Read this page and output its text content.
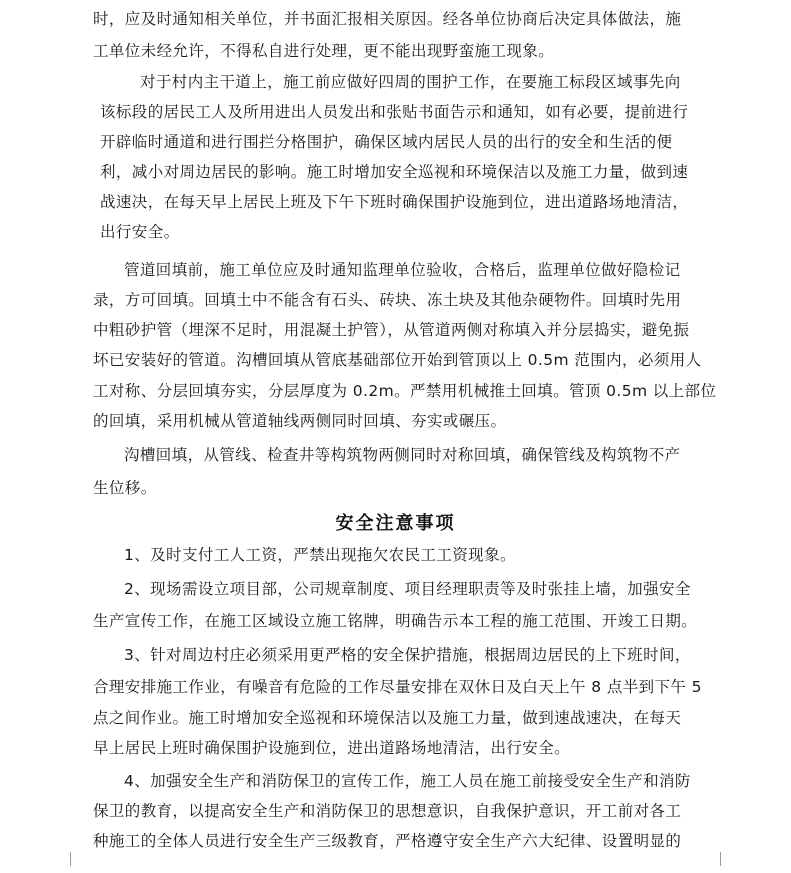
时，应及时通知相关单位，并书面汇报相关原因。经各单位协商后决定具体做法，施
工单位未经允许，不得私自进行处理，更不能出现野蛮施工现象。
对于村内主干道上，施工前应做好四周的围护工作，在要施工标段区域事先向
该标段的居民工人及所用进出人员发出和张贴书面告示和通知，如有必要，提前进行
开辟临时通道和进行围拦分格围护，确保区域内居民人员的出行的安全和生活的便
利，减小对周边居民的影响。施工时增加安全巡视和环境保洁以及施工力量，做到速
战速决，在每天早上居民上班及下午下班时确保围护设施到位，进出道路场地清洁，
出行安全。
管道回填前，施工单位应及时通知监理单位验收，合格后，监理单位做好隐检记
录，方可回填。回填土中不能含有石头、砖块、冻土块及其他杂硬物件。回填时先用
中粗砂护管（埋深不足时，用混凝土护管），从管道两侧对称填入并分层捣实，避免振
坏已安装好的管道。沟槽回填从管底基础部位开始到管顶以上 0.5m 范围内，必须用人
工对称、分层回填夯实，分层厚度为 0.2m。严禁用机械推土回填。管顶 0.5m 以上部位
的回填，采用机械从管道轴线两侧同时回填、夯实或碾压。
沟槽回填，从管线、检查井等构筑物两侧同时对称回填，确保管线及构筑物不产
生位移。
安全注意事项
1、及时支付工人工资，严禁出现拖欠农民工工资现象。
2、现场需设立项目部，公司规章制度、项目经理职责等及时张挂上墙，加强安全
生产宣传工作，在施工区域设立施工铭牌，明确告示本工程的施工范围、开竣工日期。
3、针对周边村庄必须采用更严格的安全保护措施，根据周边居民的上下班时间，
合理安排施工作业，有噪音有危险的工作尽量安排在双休日及白天上午 8 点半到下午 5
点之间作业。施工时增加安全巡视和环境保洁以及施工力量，做到速战速决，在每天
早上居民上班时确保围护设施到位，进出道路场地清洁，出行安全。
4、加强安全生产和消防保卫的宣传工作，施工人员在施工前接受安全生产和消防
保卫的教育，以提高安全生产和消防保卫的思想意识，自我保护意识，开工前对各工
种施工的全体人员进行安全生产三级教育，严格遵守安全生产六大纪律、设置明显的
